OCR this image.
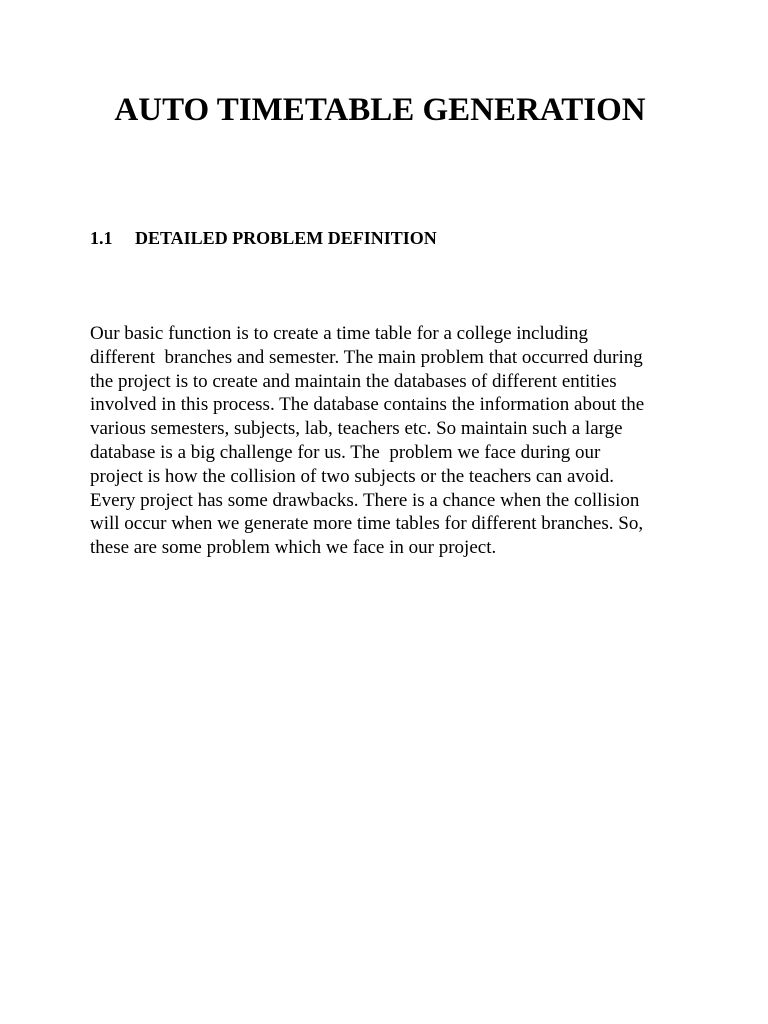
AUTO TIMETABLE GENERATION
1.1 DETAILED PROBLEM DEFINITION

Our basic function is to create a time table for a college including
different  branches and semester. The main problem that occurred during
the project is to create and maintain the databases of different entities
involved in this process. The database contains the information about the
various semesters, subjects, lab, teachers etc. So maintain such a large
database is a big challenge for us. The  problem we face during our
project is how the collision of two subjects or the teachers can avoid.
Every project has some drawbacks. There is a chance when the collision
will occur when we generate more time tables for different branches. So,
these are some problem which we face in our project.
